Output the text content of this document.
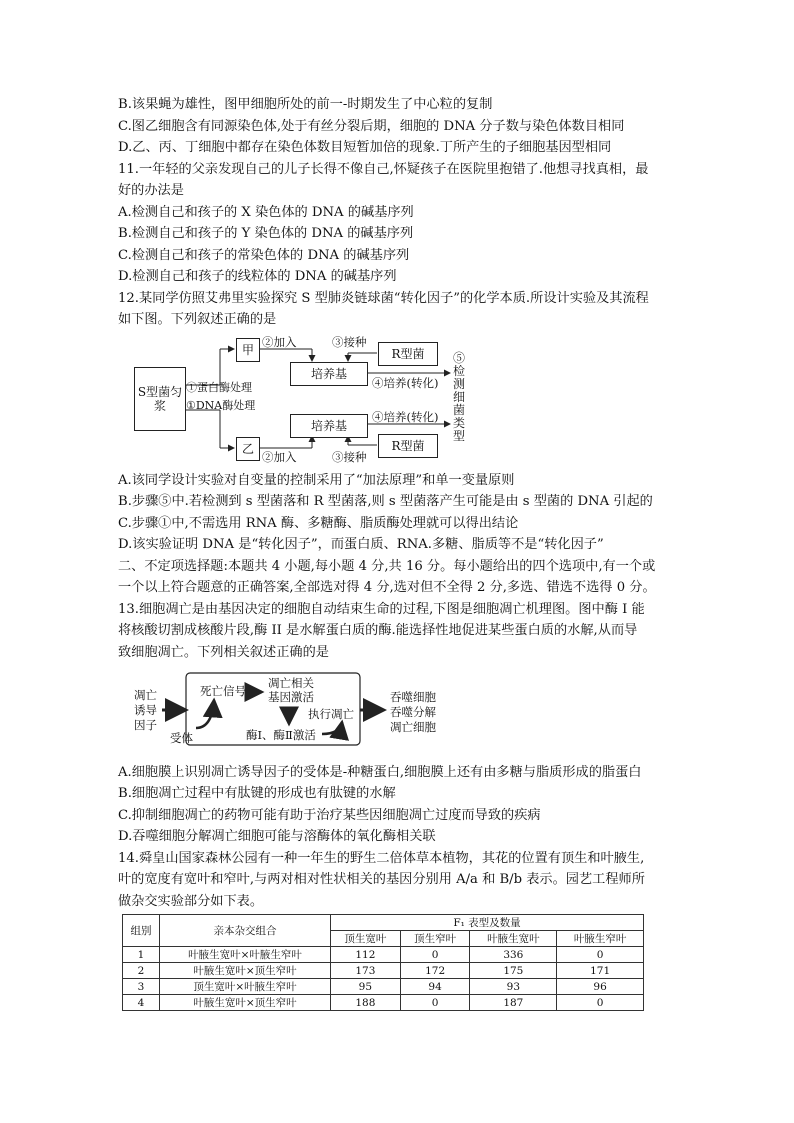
B.该果蝇为雄性，图甲细胞所处的前一-时期发生了中心粒的复制
C.图乙细胞含有同源染色体,处于有丝分裂后期，细胞的 DNA 分子数与染色体数目相同
D.乙、丙、丁细胞中都存在染色体数目短暂加倍的现象.丁所产生的子细胞基因型相同
11.一年轻的父亲发现自己的儿子长得不像自己,怀疑孩子在医院里抱错了.他想寻找真相，最
好的办法是
A.检测自己和孩子的 X 染色体的 DNA 的碱基序列
B.检测自己和孩子的 Y 染色体的 DNA 的碱基序列
C.检测自己和孩子的常染色体的 DNA 的碱基序列
D.检测自己和孩子的线粒体的 DNA 的碱基序列
12.某同学仿照艾弗里实验探究 S 型肺炎链球菌“转化因子”的化学本质.所设计实验及其流程
如下图。下列叙述正确的是
S型菌匀浆
甲
乙
培养基
培养基
R型菌
R型菌
②加入
②加入
③接种
③接种
①蛋白酶处理
①DNA酶处理
④培养(转化)
④培养(转化)
⑤检测细菌类型
A.该同学设计实验对自变量的控制采用了“加法原理”和单一变量原则
B.步骤⑤中.若检测到 s 型菌落和 R 型菌落,则 s 型菌落产生可能是由 s 型菌的 DNA 引起的
C.步骤①中,不需选用 RNA 酶、多糖酶、脂质酶处理就可以得出结论
D.该实验证明 DNA 是“转化因子”，而蛋白质、RNA.多糖、脂质等不是“转化因子”
二、不定项选择题:本题共 4 小题,每小题 4 分,共 16 分。每小题给出的四个选项中,有一个或
一个以上符合题意的正确答案,全部选对得 4 分,选对但不全得 2 分,多选、错选不选得 0 分。
13.细胞凋亡是由基因决定的细胞自动结束生命的过程,下图是细胞凋亡机理图。图中酶 I 能
将核酸切割成核酸片段,酶 II 是水解蛋白质的酶.能选择性地促进某些蛋白质的水解,从而导
致细胞凋亡。下列相关叙述正确的是
凋亡
诱导
因子
受体
死亡信号
凋亡相关
基因激活
执行凋亡
酶I、酶Ⅱ激活
吞噬细胞
吞噬分解
凋亡细胞
A.细胞膜上识别凋亡诱导因子的受体是-种糖蛋白,细胞膜上还有由多糖与脂质形成的脂蛋白
B.细胞凋亡过程中有肽键的形成也有肽键的水解
C.抑制细胞凋亡的药物可能有助于治疗某些因细胞凋亡过度而导致的疾病
D.吞噬细胞分解凋亡细胞可能与溶酶体的氧化酶相关联
14.舜皇山国家森林公园有一种一年生的野生二倍体草本植物，其花的位置有顶生和叶腋生,
叶的宽度有宽叶和窄叶,与两对相对性状相关的基因分别用 A/a 和 B/b 表示。园艺工程师所
做杂交实验部分如下表。
组别	亲本杂交组合	F₁ 表型及数量			
		顶生宽叶	顶生窄叶	叶腋生宽叶	叶腋生窄叶
1	叶腋生宽叶×叶腋生窄叶	112	0	336	0
2	叶腋生宽叶×顶生窄叶	173	172	175	171
3	顶生宽叶×叶腋生窄叶	95	94	93	96
4	叶腋生宽叶×顶生窄叶	188	0	187	0
